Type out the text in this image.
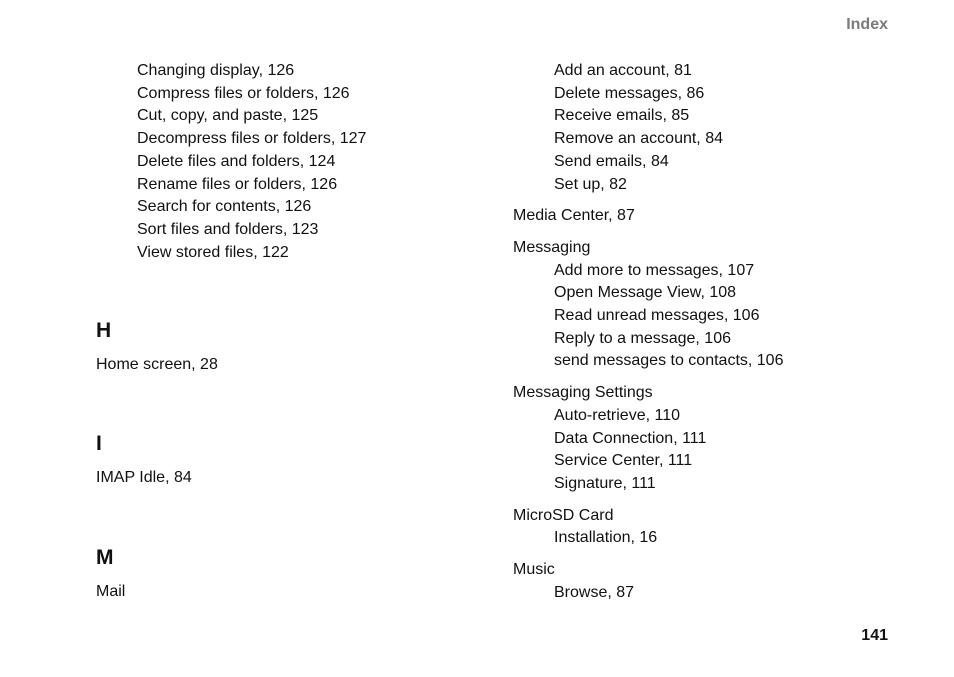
Index
Changing display, 126
Compress files or folders, 126
Cut, copy, and paste, 125
Decompress files or folders, 127
Delete files and folders, 124
Rename files or folders, 126
Search for contents, 126
Sort files and folders, 123
View stored files, 122
H
Home screen, 28
I
IMAP Idle, 84
M
Mail
Add an account, 81
Delete messages, 86
Receive emails, 85
Remove an account, 84
Send emails, 84
Set up, 82
Media Center, 87
Messaging
Add more to messages, 107
Open Message View, 108
Read unread messages, 106
Reply to a message, 106
send messages to contacts, 106
Messaging Settings
Auto-retrieve, 110
Data Connection, 111
Service Center, 111
Signature, 111
MicroSD Card
Installation, 16
Music
Browse, 87
141
